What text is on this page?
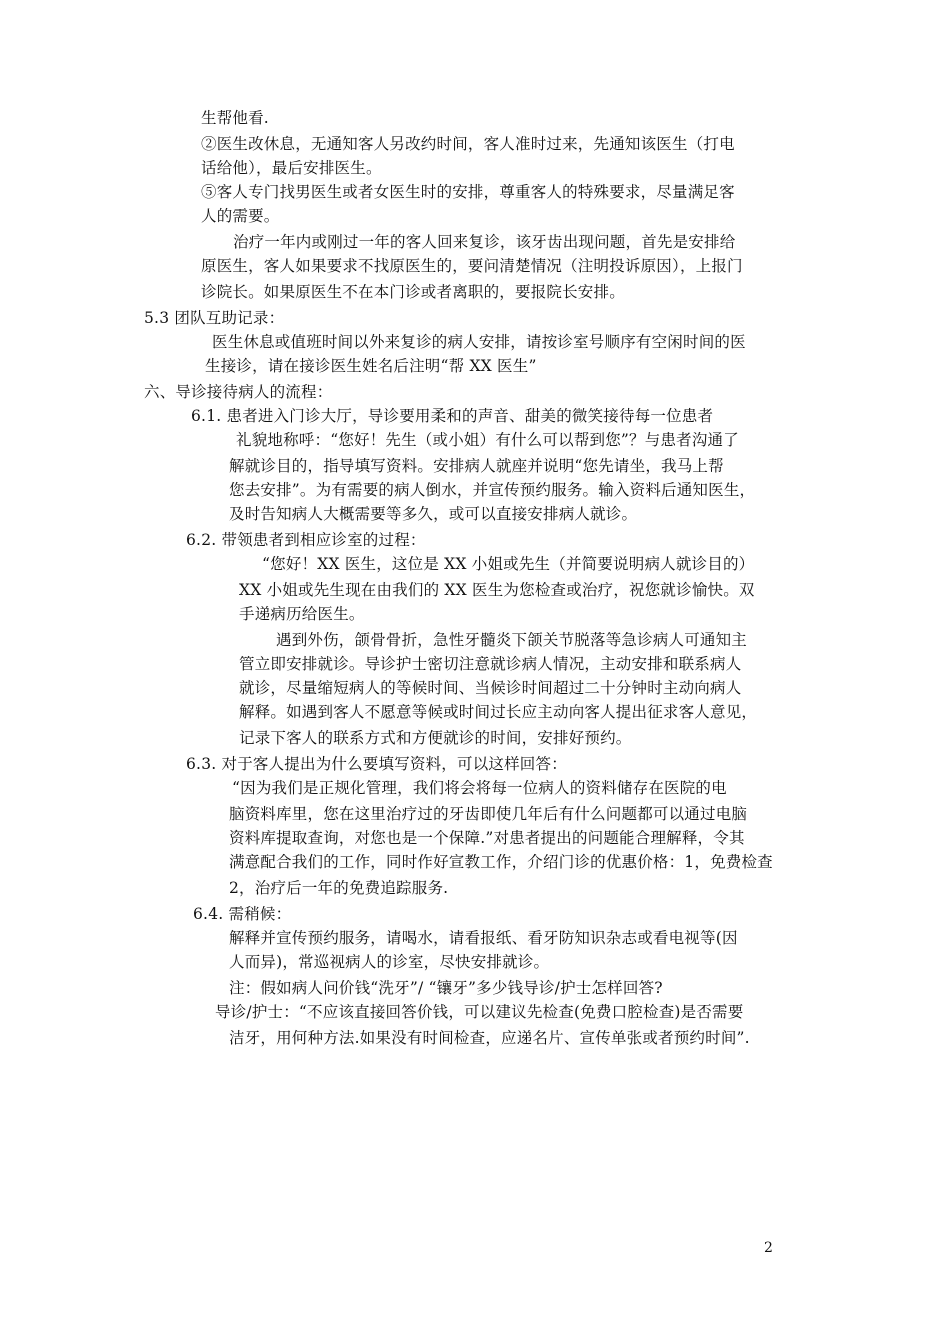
生帮他看.
②医生改休息，无通知客人另改约时间，客人准时过来，先通知该医生（打电
话给他），最后安排医生。
⑤客人专门找男医生或者女医生时的安排，尊重客人的特殊要求，尽量满足客
人的需要。
治疗一年内或刚过一年的客人回来复诊，该牙齿出现问题，首先是安排给
原医生，客人如果要求不找原医生的，要问清楚情况（注明投诉原因），上报门
诊院长。如果原医生不在本门诊或者离职的，要报院长安排。
5.3 团队互助记录：
医生休息或值班时间以外来复诊的病人安排，请按诊室号顺序有空闲时间的医
生接诊，请在接诊医生姓名后注明“帮 XX 医生”
六、导诊接待病人的流程：
6.1. 患者进入门诊大厅，导诊要用柔和的声音、甜美的微笑接待每一位患者
礼貌地称呼：“您好！先生（或小姐）有什么可以帮到您”？与患者沟通了
解就诊目的，指导填写资料。安排病人就座并说明“您先请坐，我马上帮
您去安排”。为有需要的病人倒水，并宣传预约服务。输入资料后通知医生，
及时告知病人大概需要等多久，或可以直接安排病人就诊。
6.2. 带领患者到相应诊室的过程：
“您好！XX 医生，这位是 XX 小姐或先生（并简要说明病人就诊目的）
XX 小姐或先生现在由我们的 XX 医生为您检查或治疗，祝您就诊愉快。双
手递病历给医生。
遇到外伤，颌骨骨折，急性牙髓炎下颌关节脱落等急诊病人可通知主
管立即安排就诊。导诊护士密切注意就诊病人情况，主动安排和联系病人
就诊，尽量缩短病人的等候时间、当候诊时间超过二十分钟时主动向病人
解释。如遇到客人不愿意等候或时间过长应主动向客人提出征求客人意见，
记录下客人的联系方式和方便就诊的时间，安排好预约。
6.3. 对于客人提出为什么要填写资料，可以这样回答：
“因为我们是正规化管理，我们将会将每一位病人的资料储存在医院的电
脑资料库里，您在这里治疗过的牙齿即使几年后有什么问题都可以通过电脑
资料库提取查询，对您也是一个保障.”对患者提出的问题能合理解释，令其
满意配合我们的工作，同时作好宣教工作，介绍门诊的优惠价格：1，免费检查
2，治疗后一年的免费追踪服务.
6.4. 需稍候：
解释并宣传预约服务，请喝水，请看报纸、看牙防知识杂志或看电视等(因
人而异)，常巡视病人的诊室，尽快安排就诊。
注：假如病人问价钱“洗牙”/ “镶牙”多少钱导诊/护士怎样回答?
导诊/护士：“不应该直接回答价钱，可以建议先检查(免费口腔检查)是否需要
洁牙，用何种方法.如果没有时间检查，应递名片、宣传单张或者预约时间”.
2
